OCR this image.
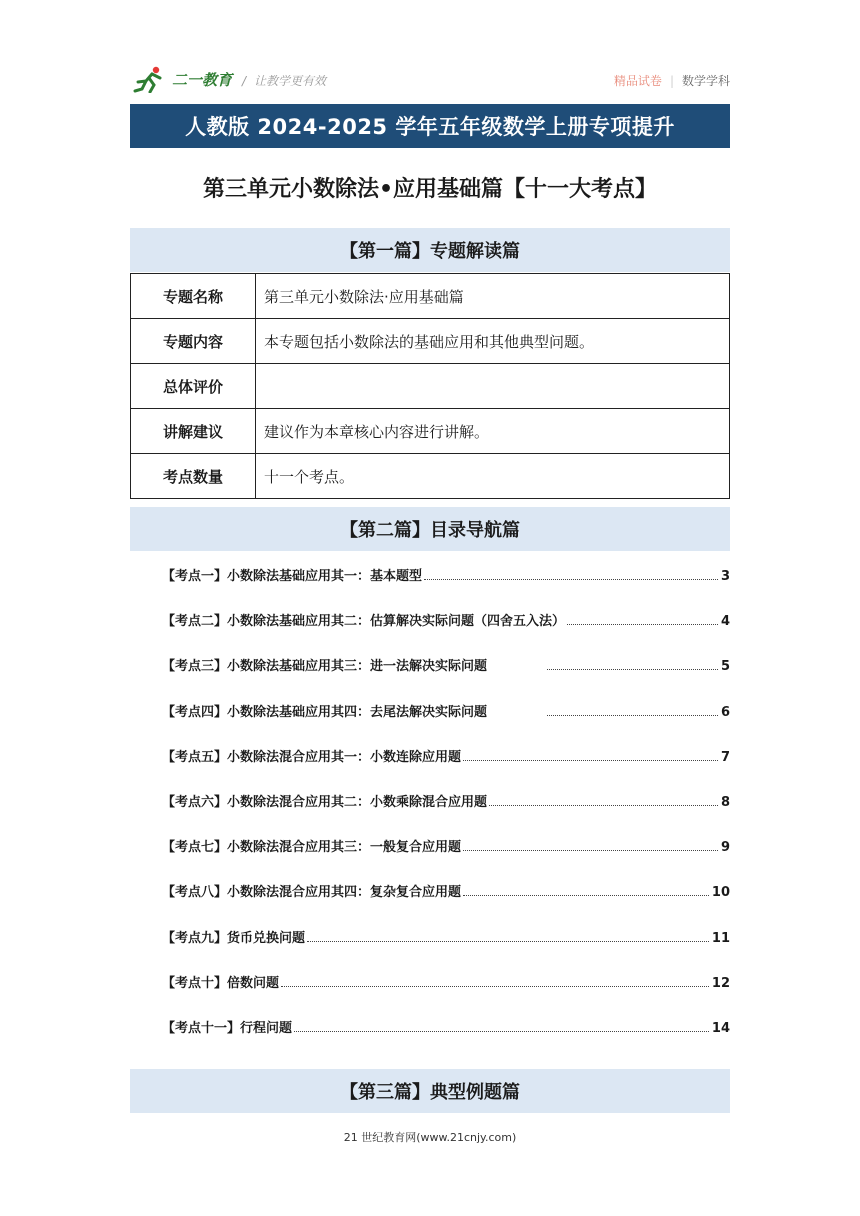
二一教育 / 让教学更有效	精品试卷 | 数学学科
人教版 2024-2025 学年五年级数学上册专项提升
第三单元小数除法•应用基础篇【十一大考点】
【第一篇】专题解读篇
专题名称	第三单元小数除法·应用基础篇
专题内容	本专题包括小数除法的基础应用和其他典型问题。
总体评价	
讲解建议	建议作为本章核心内容进行讲解。
考点数量	十一个考点。
【第二篇】目录导航篇
【考点一】小数除法基础应用其一：基本题型	3
【考点二】小数除法基础应用其二：估算解决实际问题（四舍五入法）	4
【考点三】小数除法基础应用其三：进一法解决实际问题	5
【考点四】小数除法基础应用其四：去尾法解决实际问题	6
【考点五】小数除法混合应用其一：小数连除应用题	7
【考点六】小数除法混合应用其二：小数乘除混合应用题	8
【考点七】小数除法混合应用其三：一般复合应用题	9
【考点八】小数除法混合应用其四：复杂复合应用题	10
【考点九】货币兑换问题	11
【考点十】倍数问题	12
【考点十一】行程问题	14
【第三篇】典型例题篇
21 世纪教育网(www.21cnjy.com)
